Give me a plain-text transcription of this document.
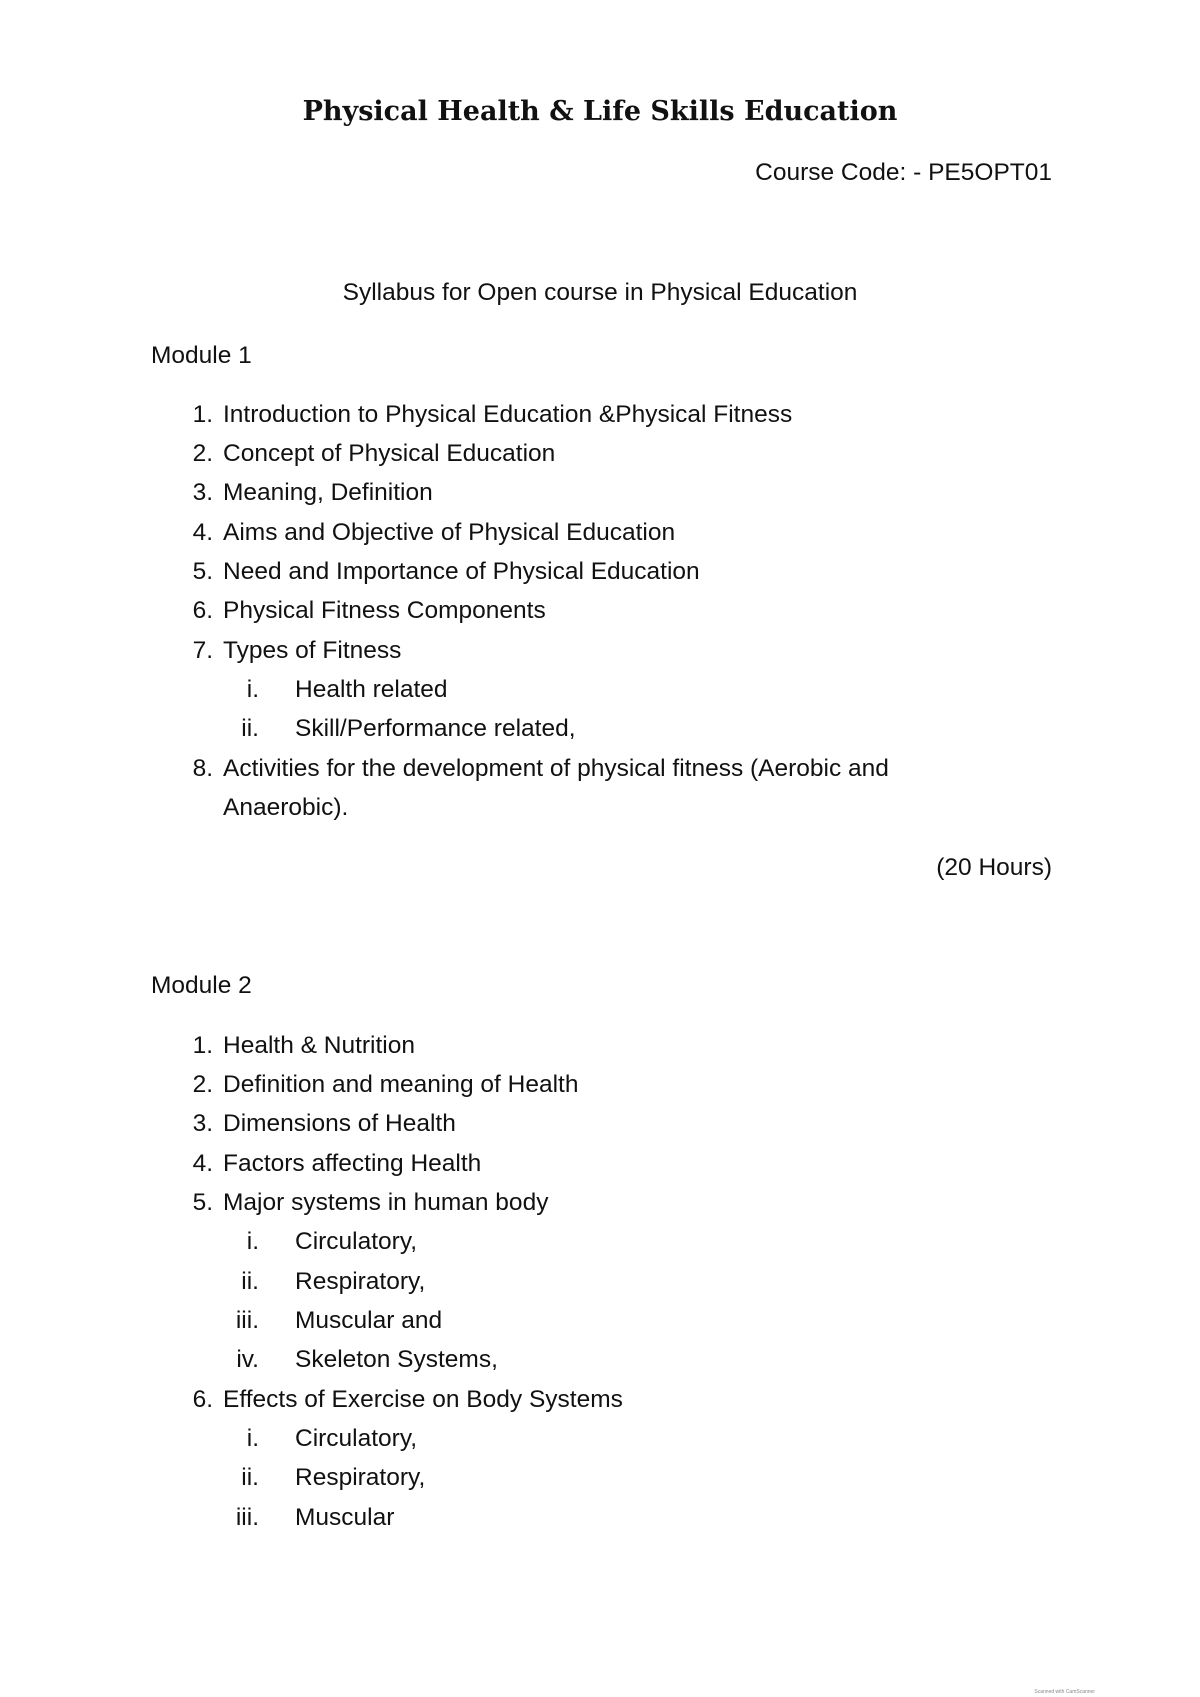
Physical Health & Life Skills Education
Course Code: - PE5OPT01
Syllabus for Open course in Physical Education
Module 1
1. Introduction to Physical Education &Physical Fitness
2. Concept of Physical Education
3. Meaning, Definition
4. Aims and Objective of Physical Education
5. Need and Importance of Physical Education
6. Physical Fitness Components
7. Types of Fitness
i.	Health related
ii.	Skill/Performance related,
8. Activities for the development of physical fitness (Aerobic and
Anaerobic).
(20 Hours)
Module 2
1. Health & Nutrition
2. Definition and meaning of Health
3. Dimensions of Health
4. Factors affecting Health
5. Major systems in human body
i.	Circulatory,
ii.	Respiratory,
iii.	Muscular and
iv.	Skeleton Systems,
6. Effects of Exercise on Body Systems
i.	Circulatory,
ii.	Respiratory,
iii.	Muscular
Scanned with CamScanner
